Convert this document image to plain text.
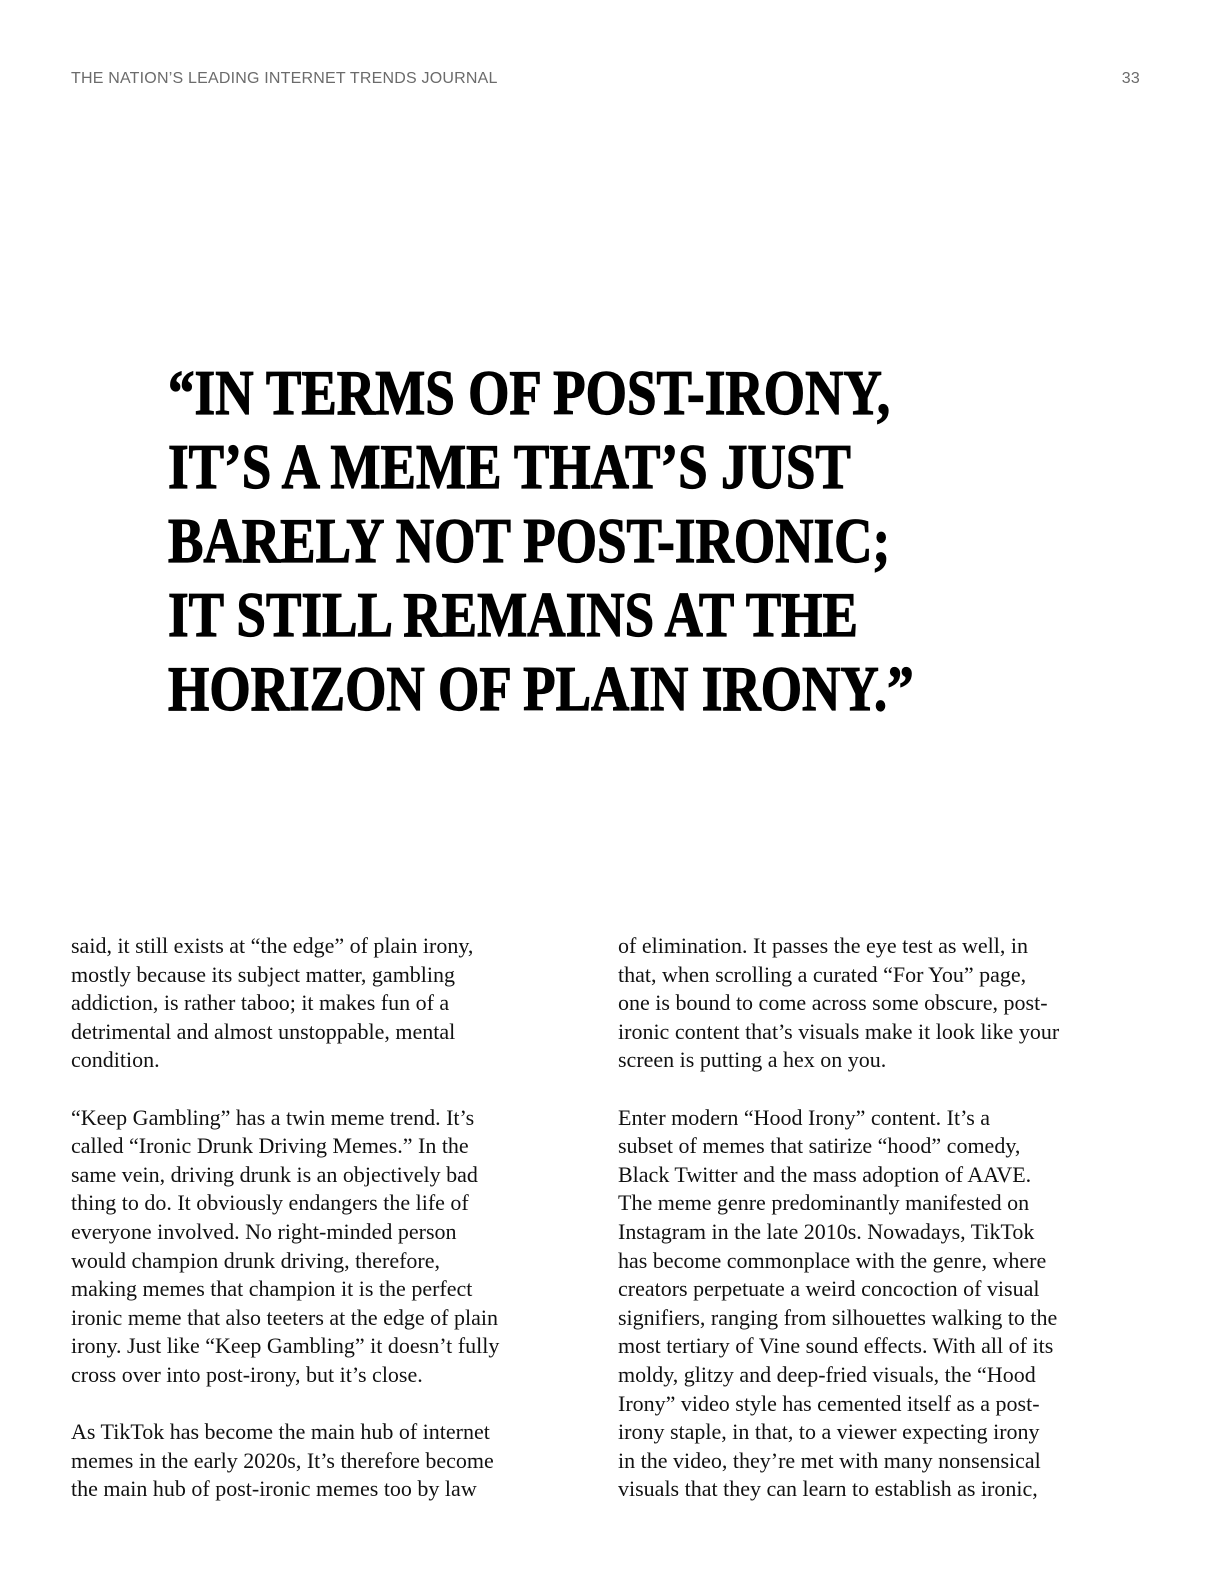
THE NATION’S LEADING INTERNET TRENDS JOURNAL	33
“IN TERMS OF POST-IRONY,
IT’S A MEME THAT’S JUST
BARELY NOT POST-IRONIC;
IT STILL REMAINS AT THE
HORIZON OF PLAIN IRONY.”

said, it still exists at “the edge” of plain irony,
mostly because its subject matter, gambling
addiction, is rather taboo; it makes fun of a
detrimental and almost unstoppable, mental
condition.

“Keep Gambling” has a twin meme trend. It’s
called “Ironic Drunk Driving Memes.” In the
same vein, driving drunk is an objectively bad
thing to do. It obviously endangers the life of
everyone involved. No right-minded person
would champion drunk driving, therefore,
making memes that champion it is the perfect
ironic meme that also teeters at the edge of plain
irony. Just like “Keep Gambling” it doesn’t fully
cross over into post-irony, but it’s close.

As TikTok has become the main hub of internet
memes in the early 2020s, It’s therefore become
the main hub of post-ironic memes too by law

of elimination. It passes the eye test as well, in
that, when scrolling a curated “For You” page,
one is bound to come across some obscure, post-
ironic content that’s visuals make it look like your
screen is putting a hex on you.

Enter modern “Hood Irony” content. It’s a
subset of memes that satirize “hood” comedy,
Black Twitter and the mass adoption of AAVE.
The meme genre predominantly manifested on
Instagram in the late 2010s. Nowadays, TikTok
has become commonplace with the genre, where
creators perpetuate a weird concoction of visual
signifiers, ranging from silhouettes walking to the
most tertiary of Vine sound effects. With all of its
moldy, glitzy and deep-fried visuals, the “Hood
Irony” video style has cemented itself as a post-
irony staple, in that, to a viewer expecting irony
in the video, they’re met with many nonsensical
visuals that they can learn to establish as ironic,
